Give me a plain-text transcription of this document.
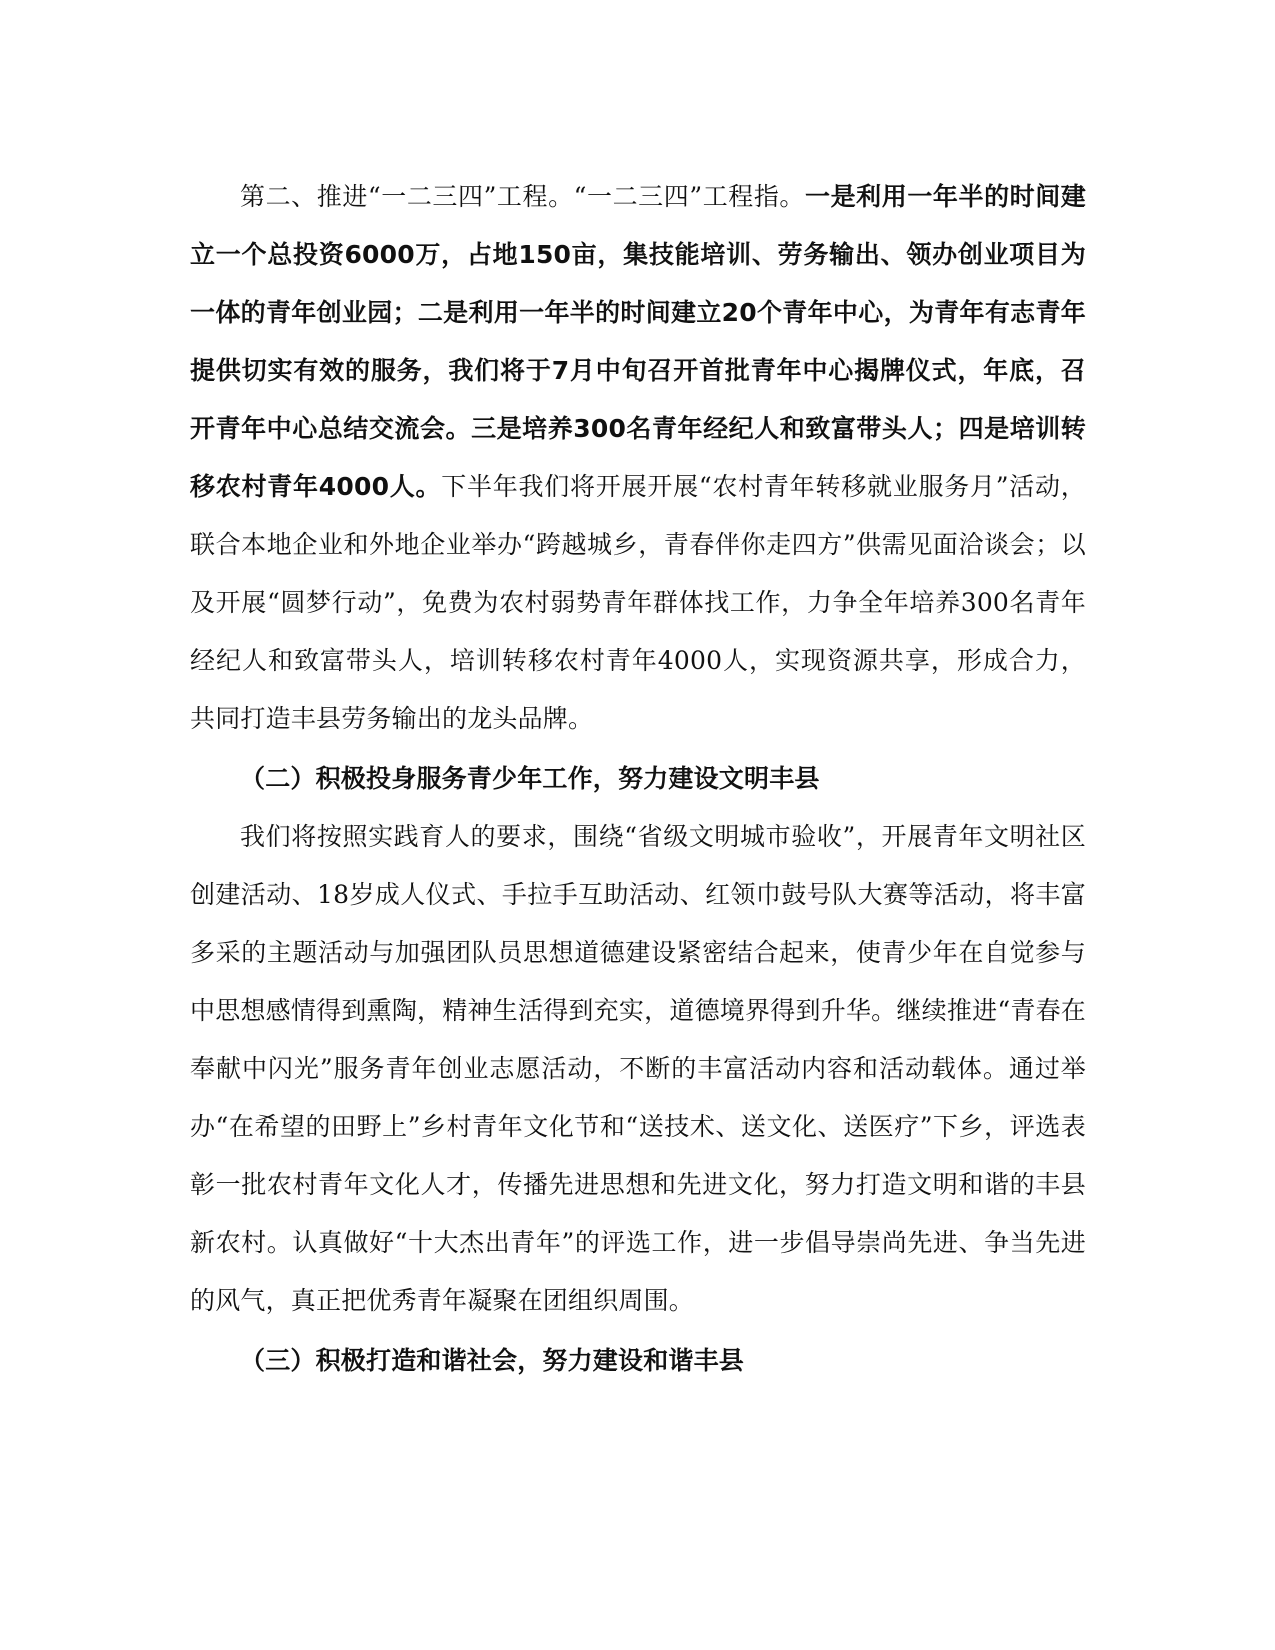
第二、推进“一二三四”工程。“一二三四”工程指。一是利用一年半的时间建立一个总投资6000万，占地150亩，集技能培训、劳务输出、领办创业项目为一体的青年创业园；二是利用一年半的时间建立20个青年中心，为青年有志青年提供切实有效的服务，我们将于7月中旬召开首批青年中心揭牌仪式，年底，召开青年中心总结交流会。三是培养300名青年经纪人和致富带头人；四是培训转移农村青年4000人。下半年我们将开展开展“农村青年转移就业服务月”活动，联合本地企业和外地企业举办“跨越城乡，青春伴你走四方”供需见面洽谈会；以及开展“圆梦行动”，免费为农村弱势青年群体找工作，力争全年培养300名青年经纪人和致富带头人，培训转移农村青年4000人，实现资源共享，形成合力，共同打造丰县劳务输出的龙头品牌。

（二）积极投身服务青少年工作，努力建设文明丰县

我们将按照实践育人的要求，围绕“省级文明城市验收”，开展青年文明社区创建活动、18岁成人仪式、手拉手互助活动、红领巾鼓号队大赛等活动，将丰富多采的主题活动与加强团队员思想道德建设紧密结合起来，使青少年在自觉参与中思想感情得到熏陶，精神生活得到充实，道德境界得到升华。继续推进“青春在奉献中闪光”服务青年创业志愿活动，不断的丰富活动内容和活动载体。通过举办“在希望的田野上”乡村青年文化节和“送技术、送文化、送医疗”下乡，评选表彰一批农村青年文化人才，传播先进思想和先进文化，努力打造文明和谐的丰县新农村。认真做好“十大杰出青年”的评选工作，进一步倡导崇尚先进、争当先进的风气，真正把优秀青年凝聚在团组织周围。

（三）积极打造和谐社会，努力建设和谐丰县
